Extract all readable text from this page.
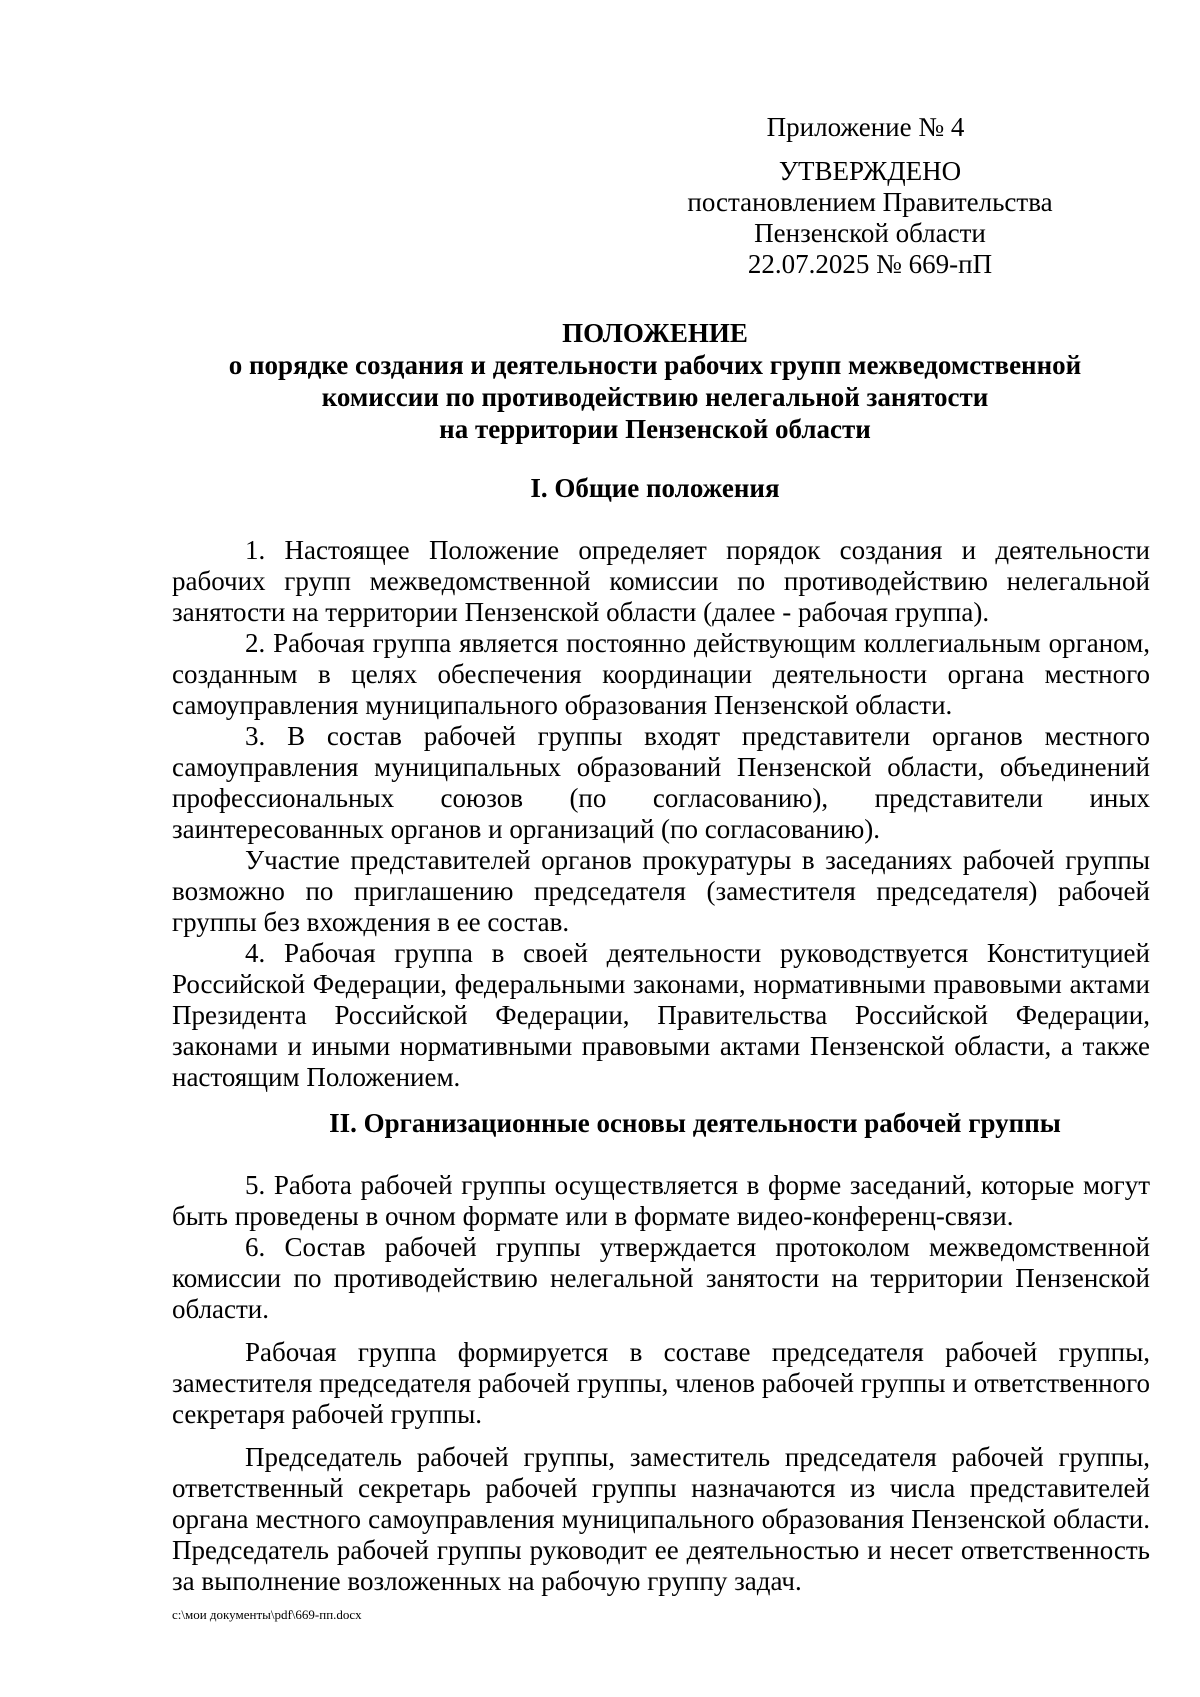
Приложение № 4
УТВЕРЖДЕНО
постановлением Правительства
Пензенской области
22.07.2025 № 669-пП
ПОЛОЖЕНИЕ
о порядке создания и деятельности рабочих групп межведомственной
комиссии по противодействию нелегальной занятости
на территории Пензенской области
I. Общие положения

1. Настоящее Положение определяет порядок создания и деятельности рабочих групп межведомственной комиссии по противодействию нелегальной занятости на территории Пензенской области (далее - рабочая группа).

2. Рабочая группа является постоянно действующим коллегиальным органом, созданным в целях обеспечения координации деятельности органа местного самоуправления муниципального образования Пензенской области.

3. В состав рабочей группы входят представители органов местного самоуправления муниципальных образований Пензенской области, объединений профессиональных союзов (по согласованию), представители иных заинтересованных органов и организаций (по согласованию).

Участие представителей органов прокуратуры в заседаниях рабочей группы возможно по приглашению председателя (заместителя председателя) рабочей группы без вхождения в ее состав.

4. Рабочая группа в своей деятельности руководствуется Конституцией Российской Федерации, федеральными законами, нормативными правовыми актами Президента Российской Федерации, Правительства Российской Федерации, законами и иными нормативными правовыми актами Пензенской области, а также настоящим Положением.

II. Организационные основы деятельности рабочей группы

5. Работа рабочей группы осуществляется в форме заседаний, которые могут быть проведены в очном формате или в формате видео-конференц-связи.

6. Состав рабочей группы утверждается протоколом межведомственной комиссии по противодействию нелегальной занятости на территории Пензенской области.

Рабочая группа формируется в составе председателя рабочей группы, заместителя председателя рабочей группы, членов рабочей группы и ответственного секретаря рабочей группы.

Председатель рабочей группы, заместитель председателя рабочей группы, ответственный секретарь рабочей группы назначаются из числа представителей органа местного самоуправления муниципального образования Пензенской области. Председатель рабочей группы руководит ее деятельностью и несет ответственность за выполнение возложенных на рабочую группу задач.

c:\мои документы\pdf\669-пп.docx
